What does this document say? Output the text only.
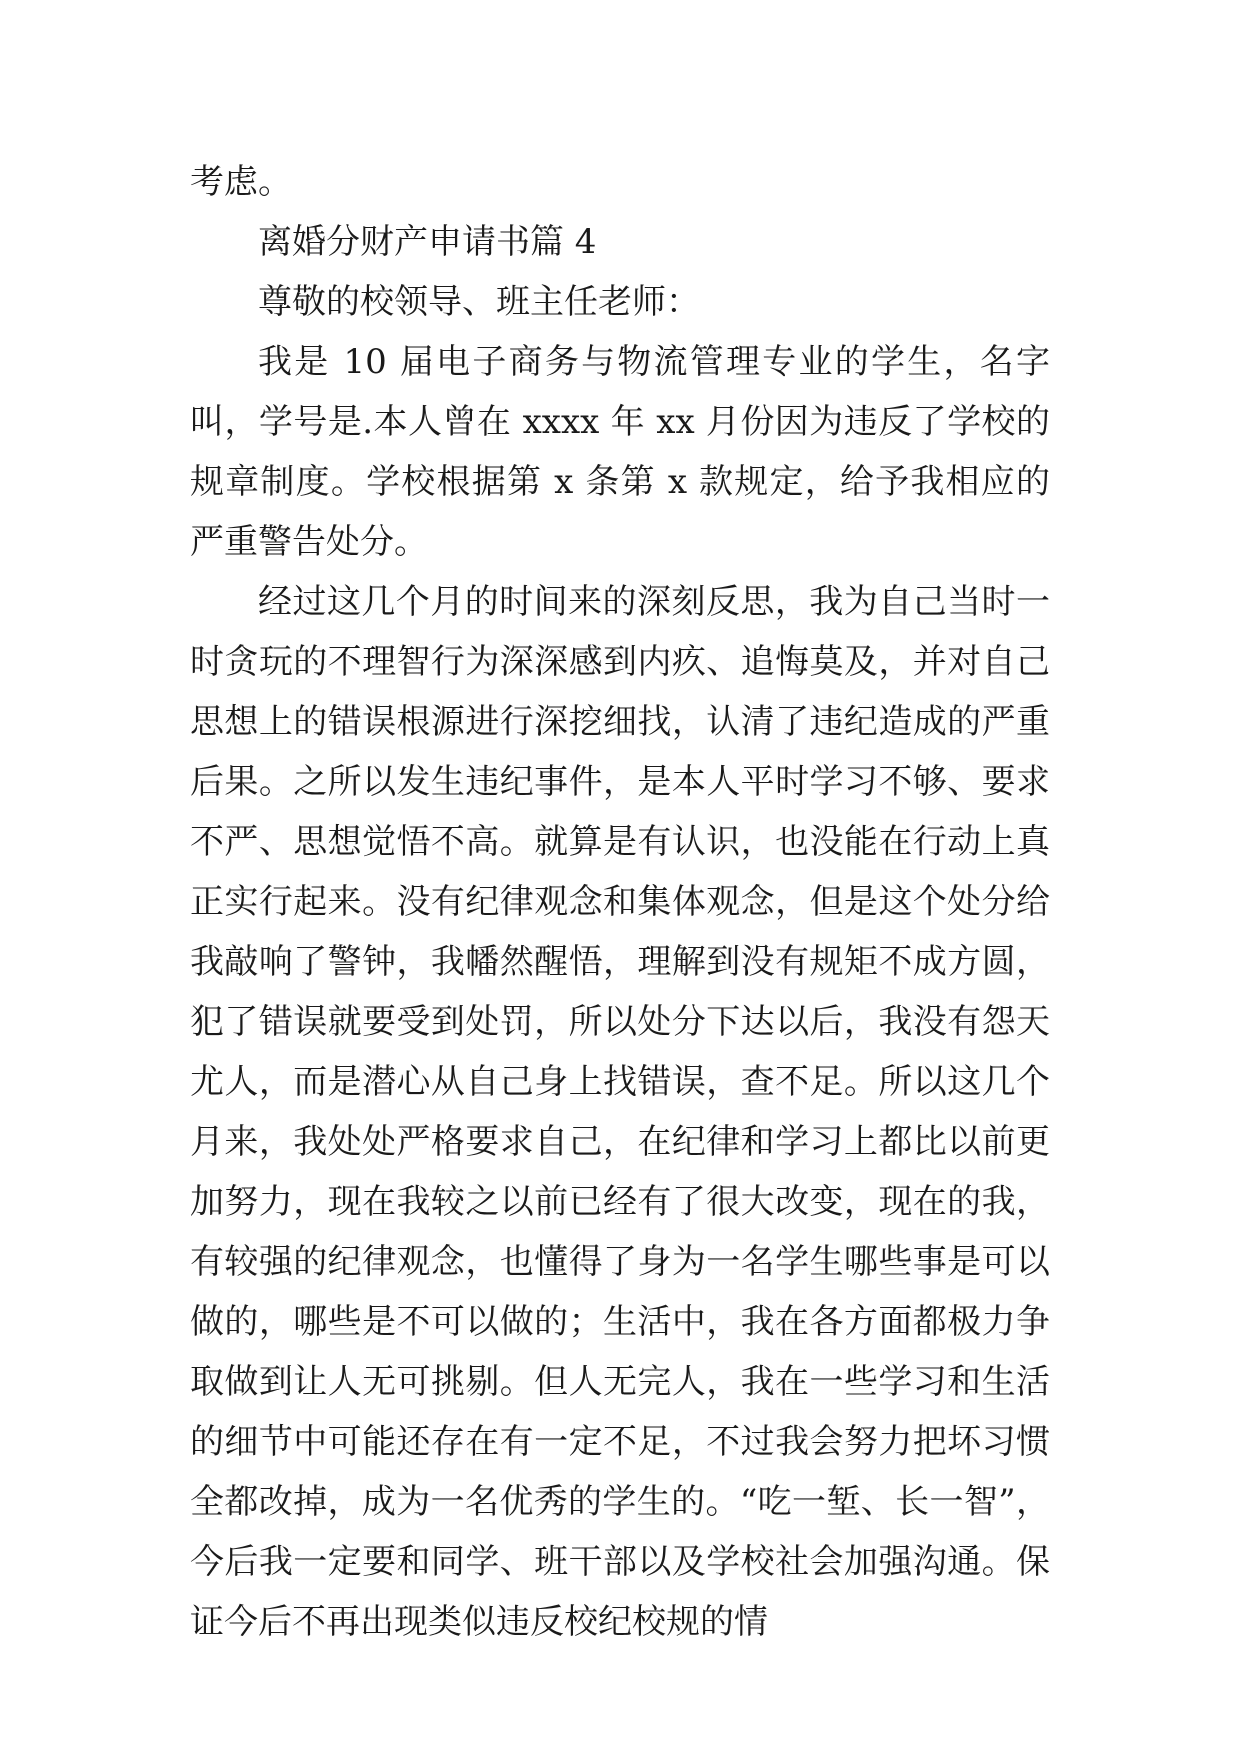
考虑。

离婚分财产申请书篇 4

尊敬的校领导、班主任老师：

我是 10 届电子商务与物流管理专业的学生，名字叫，学号是.本人曾在 xxxx 年 xx 月份因为违反了学校的规章制度。学校根据第 x 条第 x 款规定，给予我相应的严重警告处分。

经过这几个月的时间来的深刻反思，我为自己当时一时贪玩的不理智行为深深感到内疚、追悔莫及，并对自己思想上的错误根源进行深挖细找，认清了违纪造成的严重后果。之所以发生违纪事件，是本人平时学习不够、要求不严、思想觉悟不高。就算是有认识，也没能在行动上真正实行起来。没有纪律观念和集体观念，但是这个处分给我敲响了警钟，我幡然醒悟，理解到没有规矩不成方圆，犯了错误就要受到处罚，所以处分下达以后，我没有怨天尤人，而是潜心从自己身上找错误，查不足。所以这几个月来，我处处严格要求自己，在纪律和学习上都比以前更加努力，现在我较之以前已经有了很大改变，现在的我，有较强的纪律观念，也懂得了身为一名学生哪些事是可以做的，哪些是不可以做的；生活中，我在各方面都极力争取做到让人无可挑剔。但人无完人，我在一些学习和生活的细节中可能还存在有一定不足，不过我会努力把坏习惯全都改掉，成为一名优秀的学生的。“吃一堑、长一智”，今后我一定要和同学、班干部以及学校社会加强沟通。保证今后不再出现类似违反校纪校规的情
